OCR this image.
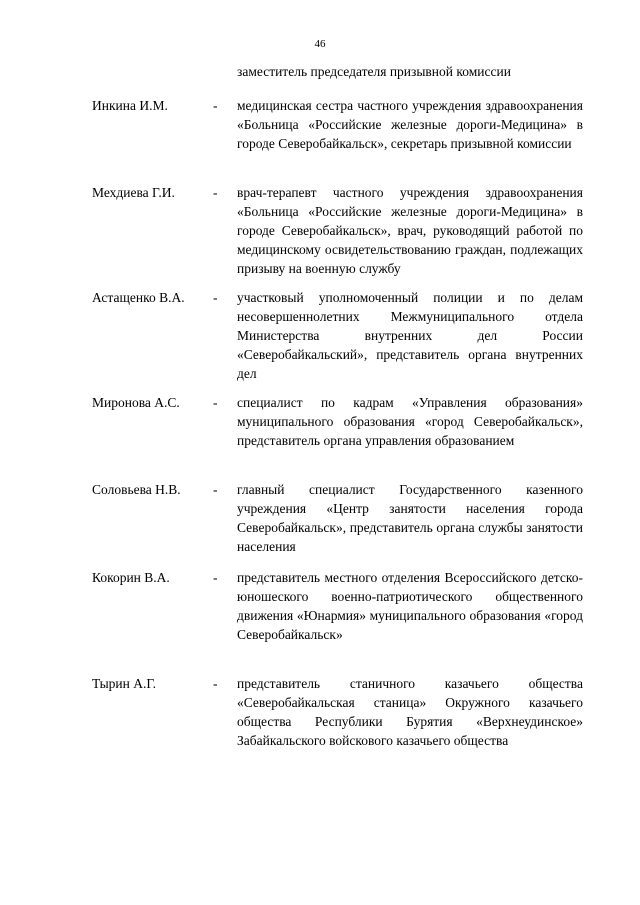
46
заместитель председателя призывной комиссии
Инкина И.М.	-	медицинская сестра частного учреждения здравоохранения «Больница «Российские железные дороги-Медицина» в городе Северобайкальск», секретарь призывной комиссии
Мехдиева Г.И.	-	врач-терапевт частного учреждения здравоохранения «Больница «Российские железные дороги-Медицина» в городе Северобайкальск», врач, руководящий работой по медицинскому освидетельствованию граждан, подлежащих призыву на военную службу
Астащенко В.А.	-	участковый уполномоченный полиции и по делам несовершеннолетних Межмуниципального отдела Министерства внутренних дел России «Северобайкальский», представитель органа внутренних дел
Миронова А.С.	-	специалист по кадрам «Управления образования» муниципального образования «город Северобайкальск», представитель органа управления образованием
Соловьева Н.В.	-	главный специалист Государственного казенного учреждения «Центр занятости населения города Северобайкальск», представитель органа службы занятости населения
Кокорин В.А.	-	представитель местного отделения Всероссийского детско-юношеского военно-патриотического общественного движения «Юнармия» муниципального образования «город Северобайкальск»
Тырин А.Г.	-	представитель станичного казачьего общества «Северобайкальская станица» Окружного казачьего общества Республики Бурятия «Верхнеудинское» Забайкальского войскового казачьего общества
